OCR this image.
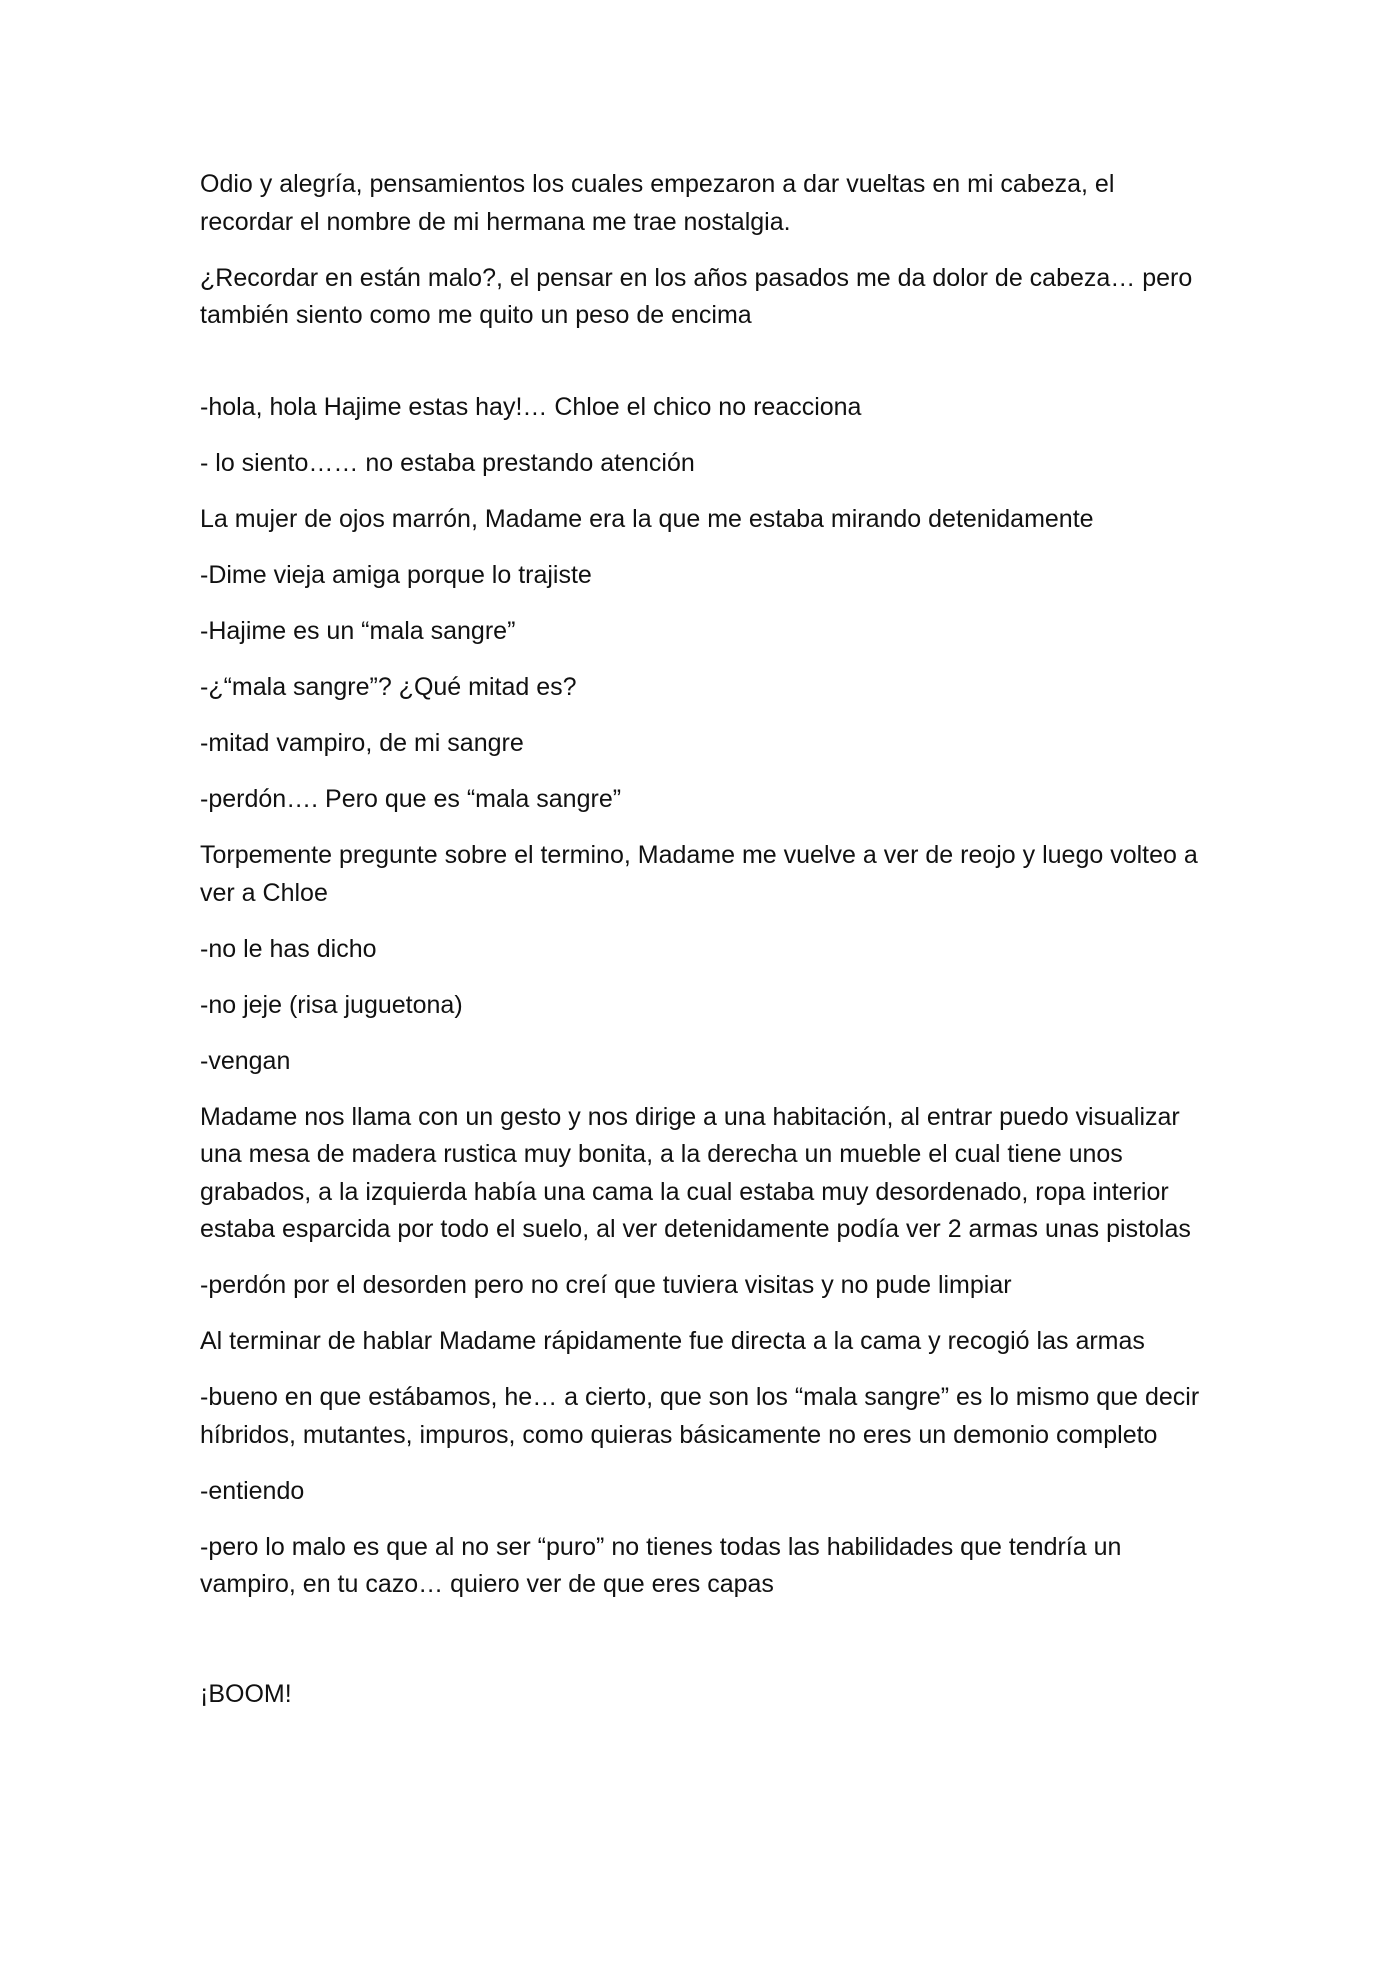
Odio y alegría, pensamientos los cuales empezaron a dar vueltas en mi cabeza, el recordar el nombre de mi hermana me trae nostalgia.

¿Recordar en están malo?, el pensar en los años pasados me da dolor de cabeza… pero también siento como me quito un peso de encima

-hola, hola Hajime estas hay!… Chloe el chico no reacciona

- lo siento…… no estaba prestando atención

La mujer de ojos marrón, Madame era la que me estaba mirando detenidamente

-Dime vieja amiga porque lo trajiste

-Hajime es un “mala sangre”

-¿“mala sangre”? ¿Qué mitad es?

-mitad vampiro, de mi sangre

-perdón…. Pero que es “mala sangre”

Torpemente pregunte sobre el termino, Madame me vuelve a ver de reojo y luego volteo a ver a Chloe

-no le has dicho

-no jeje (risa juguetona)

-vengan

Madame nos llama con un gesto y nos dirige a una habitación, al entrar puedo visualizar una mesa de madera rustica muy bonita, a la derecha un mueble el cual tiene unos grabados, a la izquierda había una cama la cual estaba muy desordenado, ropa interior estaba esparcida por todo el suelo, al ver detenidamente podía ver 2 armas unas pistolas

-perdón por el desorden pero no creí que tuviera visitas y no pude limpiar

Al terminar de hablar Madame rápidamente fue directa a la cama y recogió las armas

-bueno en que estábamos, he… a cierto, que son los “mala sangre” es lo mismo que decir híbridos, mutantes, impuros, como quieras básicamente no eres un demonio completo

-entiendo

-pero lo malo es que al no ser “puro” no tienes todas las habilidades que tendría un vampiro, en tu cazo… quiero ver de que eres capas

¡BOOM!
